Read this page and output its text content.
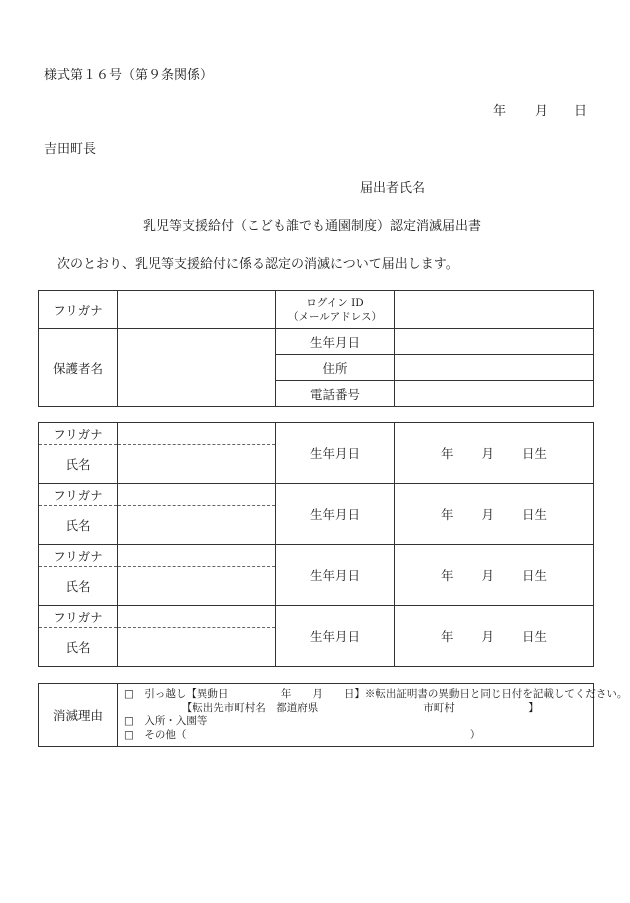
様式第１６号（第９条関係）
年 月 日
吉田町長
届出者氏名
乳児等支援給付（こども誰でも通園制度）認定消滅届出書
次のとおり、乳児等支援給付に係る認定の消滅について届出します。
フリガナ		ログイン ID
（メールアドレス）	

保護者名		生年月日	
		住所	
		電話番号	
フリガナ		生年月日	年 月 日生
氏名			
フリガナ		生年月日	年 月 日生
氏名			
フリガナ		生年月日	年 月 日生
氏名			
フリガナ		生年月日	年 月 日生
氏名			
消滅理由	
□　引っ越し【異動日　　　　　年　　月　　日】※転出証明書の異動日と同じ日付を記載してください。
　　　　　　【転出先市町村名　都道府県　　　　　　　　　　市町村　　　　　　　】
□　入所・入園等
□　その他（　　　　　　　　　　　　　　　　　　　　　　　　　　　）
